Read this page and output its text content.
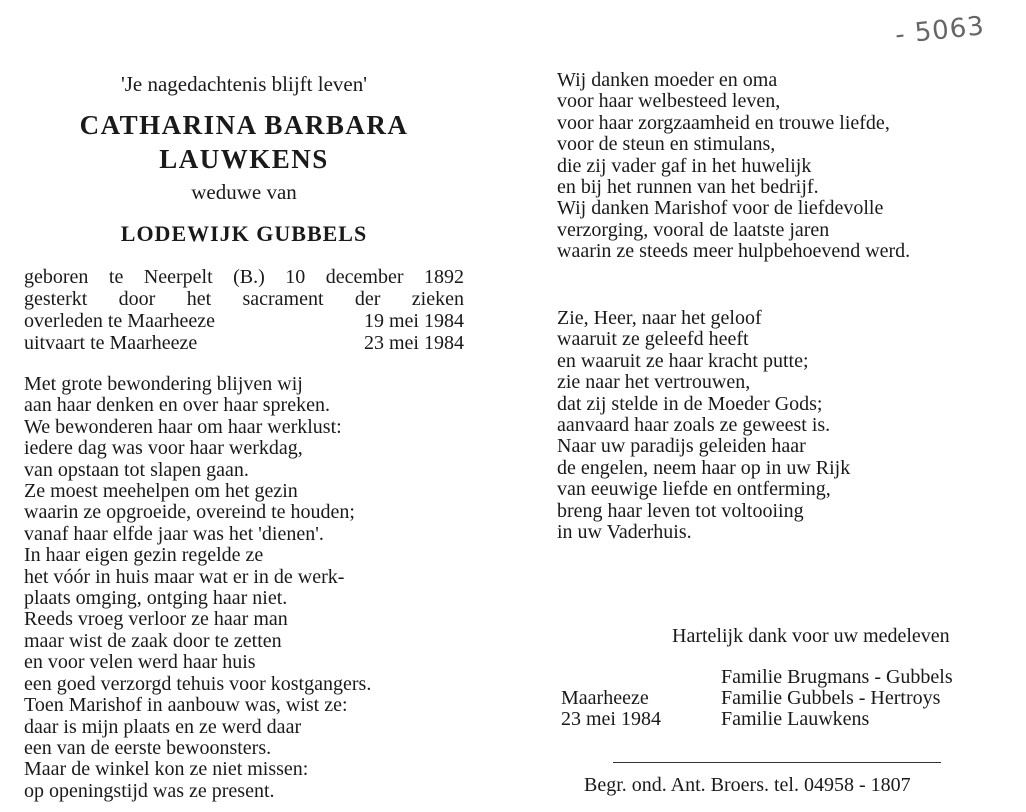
- 5063
'Je nagedachtenis blijft leven'
CATHARINA BARBARA
LAUWKENS
weduwe van
LODEWIJK GUBBELS
geboren te Neerpelt (B.) 10 december 1892
gesterkt door het sacrament der zieken
overleden te Maarheeze	19 mei 1984
uitvaart te Maarheeze	23 mei 1984
Met grote bewondering blijven wij
aan haar denken en over haar spreken.
We bewonderen haar om haar werklust:
iedere dag was voor haar werkdag,
van opstaan tot slapen gaan.
Ze moest meehelpen om het gezin
waarin ze opgroeide, overeind te houden;
vanaf haar elfde jaar was het 'dienen'.
In haar eigen gezin regelde ze
het vóór in huis maar wat er in de werk-
plaats omging, ontging haar niet.
Reeds vroeg verloor ze haar man
maar wist de zaak door te zetten
en voor velen werd haar huis
een goed verzorgd tehuis voor kostgangers.
Toen Marishof in aanbouw was, wist ze:
daar is mijn plaats en ze werd daar
een van de eerste bewoonsters.
Maar de winkel kon ze niet missen:
op openingstijd was ze present.
Wij danken moeder en oma
voor haar welbesteed leven,
voor haar zorgzaamheid en trouwe liefde,
voor de steun en stimulans,
die zij vader gaf in het huwelijk
en bij het runnen van het bedrijf.
Wij danken Marishof voor de liefdevolle
verzorging, vooral de laatste jaren
waarin ze steeds meer hulpbehoevend werd.
Zie, Heer, naar het geloof
waaruit ze geleefd heeft
en waaruit ze haar kracht putte;
zie naar het vertrouwen,
dat zij stelde in de Moeder Gods;
aanvaard haar zoals ze geweest is.
Naar uw paradijs geleiden haar
de engelen, neem haar op in uw Rijk
van eeuwige liefde en ontferming,
breng haar leven tot voltooiing
in uw Vaderhuis.
Hartelijk dank voor uw medeleven
Maarheeze
23 mei 1984
Familie Brugmans - Gubbels
Familie Gubbels - Hertroys
Familie Lauwkens
Begr. ond. Ant. Broers. tel. 04958 - 1807
